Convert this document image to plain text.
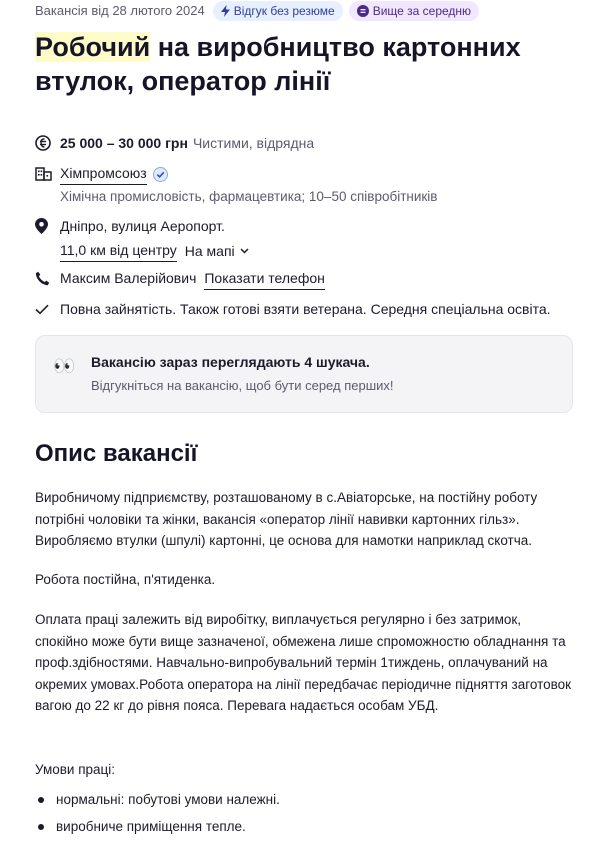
Вакансія від 28 лютого 2024 Відгук без резюме	Вище за середню
Робочий на виробництво картонних втулок, оператор лінії
25 000 – 30 000 грн Чистими, відрядна
Хімпромсоюз
Хімічна промисловість, фармацевтика; 10–50 співробітників
Дніпро, вулиця Аеропорт.
11,0 км від центру На мапі
Максим Валерійович Показати телефон
Повна зайнятість. Також готові взяти ветерана. Середня спеціальна освіта.
👀 Вакансію зараз переглядають 4 шукача.
Відгукніться на вакансію, щоб бути серед перших!
Опис вакансії

Виробничому підприємству, розташованому в с.Авіаторське, на постійну роботу потрібні чоловіки та жінки, вакансія «оператор лінії навивки картонних гільз». Виробляємо втулки (шпулі) картонні, це основа для намотки наприклад скотча.

Робота постійна, п'ятиденка.

Оплата праці залежить від виробітку, виплачується регулярно і без затримок, спокійно може бути вище зазначеної, обмежена лише спроможностю обладнання та проф.здібностями. Навчально-випробувальний термін 1тиждень, оплачуваний на окремих умовах.Робота оператора на лінії передбачає періодичне підняття заготовок вагою до 22 кг до рівня пояса. Перевага надається особам УБД.

Умови праці:

нормальні: побутові умови належні.
виробниче приміщення тепле.
